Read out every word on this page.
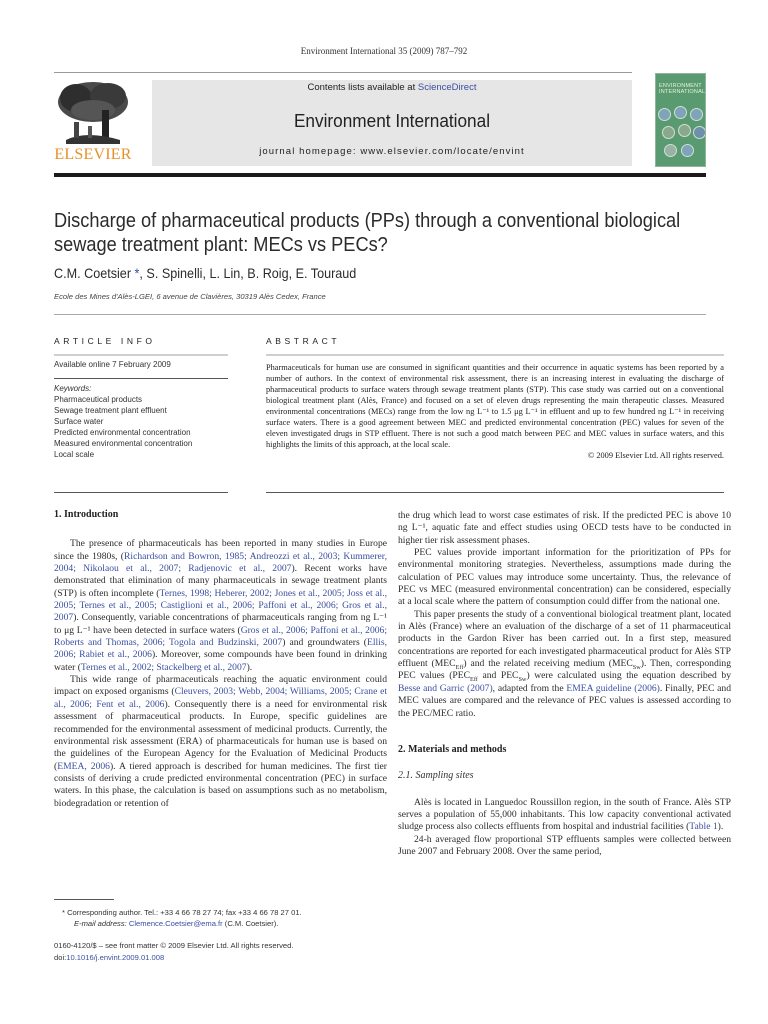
Environment International 35 (2009) 787–792
ELSEVIER
Contents lists available at ScienceDirect
Environment International
journal homepage: www.elsevier.com/locate/envint
ENVIRONMENT
INTERNATIONAL
Discharge of pharmaceutical products (PPs) through a conventional biological sewage treatment plant: MECs vs PECs?
C.M. Coetsier *, S. Spinelli, L. Lin, B. Roig, E. Touraud
Ecole des Mines d'Alès-LGEI, 6 avenue de Clavières, 30319 Alès Cedex, France
ARTICLE INFO
Available online 7 February 2009
Keywords:
Pharmaceutical products
Sewage treatment plant effluent
Surface water
Predicted environmental concentration
Measured environmental concentration
Local scale
ABSTRACT

Pharmaceuticals for human use are consumed in significant quantities and their occurrence in aquatic systems has been reported by a number of authors. In the context of environmental risk assessment, there is an increasing interest in evaluating the discharge of pharmaceutical products to surface waters through sewage treatment plants (STP). This case study was carried out on a conventional biological treatment plant (Alès, France) and focused on a set of eleven drugs representing the main therapeutic classes. Measured environmental concentrations (MECs) range from the low ng L⁻¹ to 1.5 μg L⁻¹ in effluent and up to few hundred ng L⁻¹ in receiving surface waters. There is a good agreement between MEC and predicted environmental concentration (PEC) values for seven of the eleven investigated drugs in STP effluent. There is not such a good match between PEC and MEC values in surface waters, and this highlights the limits of this approach, at the local scale.

© 2009 Elsevier Ltd. All rights reserved.

1. Introduction

The presence of pharmaceuticals has been reported in many studies in Europe since the 1980s, (Richardson and Bowron, 1985; Andreozzi et al., 2003; Kummerer, 2004; Nikolaou et al., 2007; Radjenovic et al., 2007). Recent works have demonstrated that elimination of many pharmaceuticals in sewage treatment plants (STP) is often incomplete (Ternes, 1998; Heberer, 2002; Jones et al., 2005; Joss et al., 2005; Ternes et al., 2005; Castiglioni et al., 2006; Paffoni et al., 2006; Gros et al., 2007). Consequently, variable concentrations of pharmaceuticals ranging from ng L⁻¹ to μg L⁻¹ have been detected in surface waters (Gros et al., 2006; Paffoni et al., 2006; Roberts and Thomas, 2006; Togola and Budzinski, 2007) and groundwaters (Ellis, 2006; Rabiet et al., 2006). Moreover, some compounds have been found in drinking water (Ternes et al., 2002; Stackelberg et al., 2007).

This wide range of pharmaceuticals reaching the aquatic environment could impact on exposed organisms (Cleuvers, 2003; Webb, 2004; Williams, 2005; Crane et al., 2006; Fent et al., 2006). Consequently there is a need for environmental risk assessment of pharmaceutical products. In Europe, specific guidelines are recommended for the environmental assessment of medicinal products. Currently, the environmental risk assessment (ERA) of pharmaceuticals for human use is based on the guidelines of the European Agency for the Evaluation of Medicinal Products (EMEA, 2006). A tiered approach is described for human medicines. The first tier consists of deriving a crude predicted environmental concentration (PEC) in surface waters. In this phase, the calculation is based on assumptions such as no metabolism, biodegradation or retention of

* Corresponding author. Tel.: +33 4 66 78 27 74; fax +33 4 66 78 27 01.
E-mail address: Clemence.Coetsier@ema.fr (C.M. Coetsier).
0160-4120/$ – see front matter © 2009 Elsevier Ltd. All rights reserved.
doi:10.1016/j.envint.2009.01.008

the drug which lead to worst case estimates of risk. If the predicted PEC is above 10 ng L⁻¹, aquatic fate and effect studies using OECD tests have to be conducted in higher tier risk assessment phases.

PEC values provide important information for the prioritization of PPs for environmental monitoring strategies. Nevertheless, assumptions made during the calculation of PEC values may introduce some uncertainty. Thus, the relevance of PEC vs MEC (measured environmental concentration) can be considered, especially at a local scale where the pattern of consumption could differ from the national one.

This paper presents the study of a conventional biological treatment plant, located in Alès (France) where an evaluation of the discharge of a set of 11 pharmaceutical products in the Gardon River has been carried out. In a first step, measured concentrations are reported for each investigated pharmaceutical product for Alès STP effluent $(MEC_{Eff})$ and the related receiving medium $(MEC_{Sw})$. Then, corresponding PEC values ($PEC_{Eff}$ and $PEC_{Sw}$) were calculated using the equation described by Besse and Garric (2007), adapted from the EMEA guideline (2006). Finally, PEC and MEC values are compared and the relevance of PEC values is assessed according to the PEC/MEC ratio.

2. Materials and methods
2.1. Sampling sites

Alès is located in Languedoc Roussillon region, in the south of France. Alès STP serves a population of 55,000 inhabitants. This low capacity conventional activated sludge process also collects effluents from hospital and industrial facilities (Table 1).

24-h averaged flow proportional STP effluents samples were collected between June 2007 and February 2008. Over the same period,
